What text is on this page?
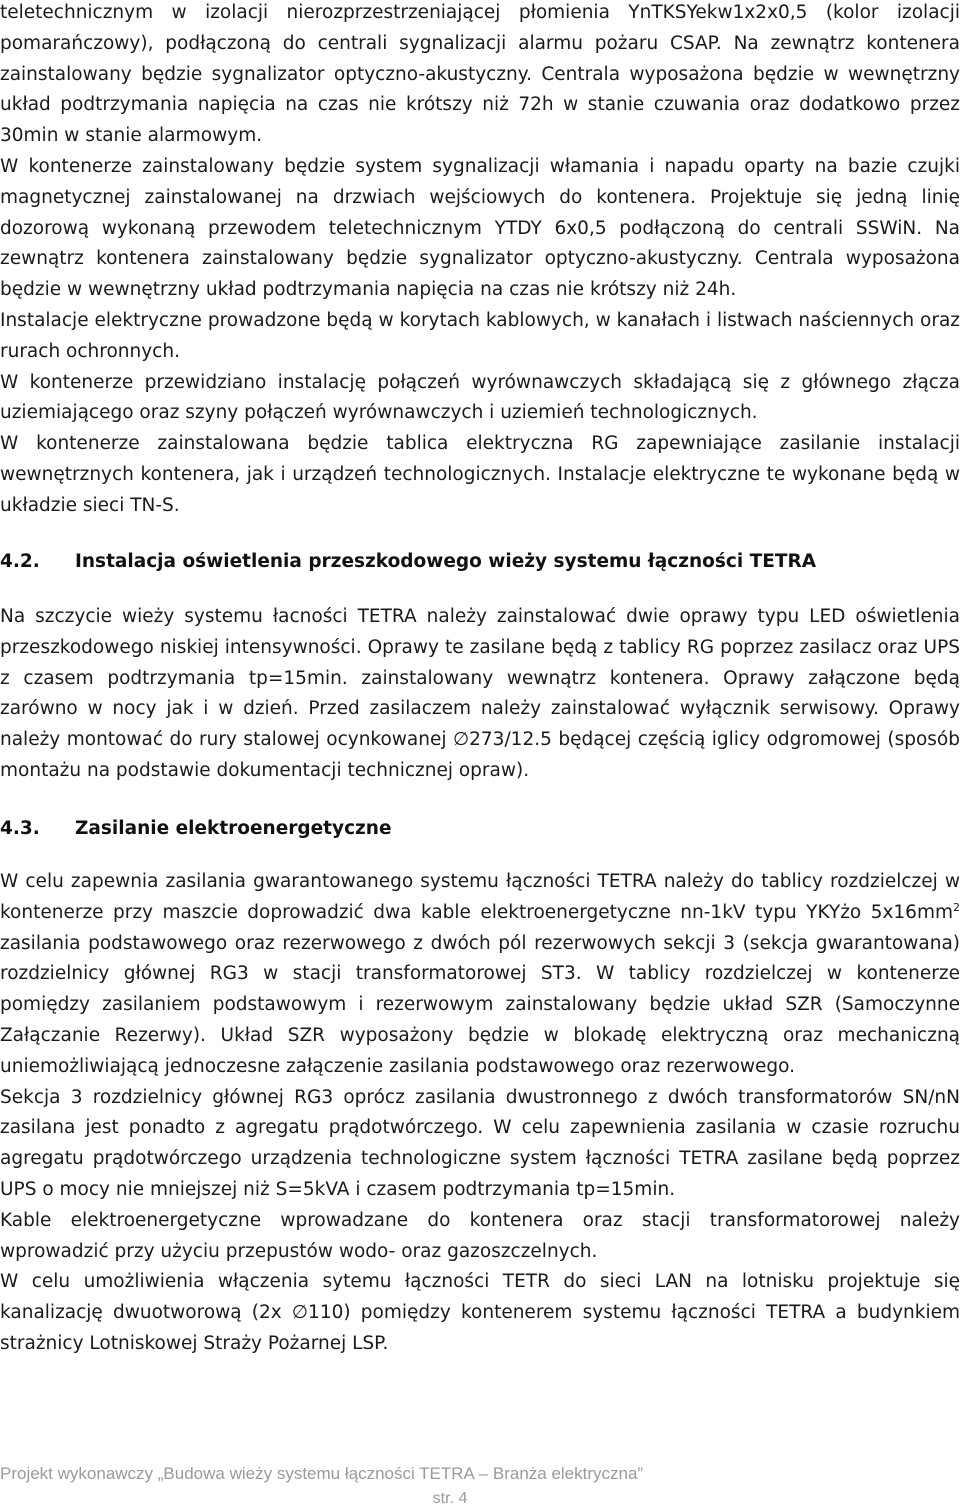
teletechnicznym w izolacji nierozprzestrzeniającej płomienia YnTKSYekw1x2x0,5 (kolor izolacji pomarańczowy), podłączoną do centrali sygnalizacji alarmu pożaru CSAP. Na zewnątrz kontenera zainstalowany będzie sygnalizator optyczno-akustyczny. Centrala wyposażona będzie w wewnętrzny układ podtrzymania napięcia na czas nie krótszy niż 72h w stanie czuwania oraz dodatkowo przez 30min w stanie alarmowym.

W kontenerze zainstalowany będzie system sygnalizacji włamania i napadu oparty na bazie czujki magnetycznej zainstalowanej na drzwiach wejściowych do kontenera. Projektuje się jedną linię dozorową wykonaną przewodem teletechnicznym YTDY 6x0,5 podłączoną do centrali SSWiN. Na zewnątrz kontenera zainstalowany będzie sygnalizator optyczno-akustyczny. Centrala wyposażona będzie w wewnętrzny układ podtrzymania napięcia na czas nie krótszy niż 24h.

Instalacje elektryczne prowadzone będą w korytach kablowych, w kanałach i listwach naściennych oraz rurach ochronnych.

W kontenerze przewidziano instalację połączeń wyrównawczych składającą się z głównego złącza uziemiającego oraz szyny połączeń wyrównawczych i uziemień technologicznych.

W kontenerze zainstalowana będzie tablica elektryczna RG zapewniające zasilanie instalacji wewnętrznych kontenera, jak i urządzeń technologicznych. Instalacje elektryczne te wykonane będą w układzie sieci TN-S.

4.2. Instalacja oświetlenia przeszkodowego wieży systemu łączności TETRA

Na szczycie wieży systemu łacności TETRA należy zainstalować dwie oprawy typu LED oświetlenia przeszkodowego niskiej intensywności. Oprawy te zasilane będą z tablicy RG poprzez zasilacz oraz UPS z czasem podtrzymania tp=15min. zainstalowany wewnątrz kontenera. Oprawy załączone będą zarówno w nocy jak i w dzień. Przed zasilaczem należy zainstalować wyłącznik serwisowy. Oprawy należy montować do rury stalowej ocynkowanej ∅273/12.5 będącej częścią iglicy odgromowej (sposób montażu na podstawie dokumentacji technicznej opraw).

4.3. Zasilanie elektroenergetyczne

W celu zapewnia zasilania gwarantowanego systemu łączności TETRA należy do tablicy rozdzielczej w kontenerze przy maszcie doprowadzić dwa kable elektroenergetyczne nn-1kV typu YKYżo $5x16mm^2$ zasilania podstawowego oraz rezerwowego z dwóch pól rezerwowych sekcji 3 (sekcja gwarantowana) rozdzielnicy głównej RG3 w stacji transformatorowej ST3. W tablicy rozdzielczej w kontenerze pomiędzy zasilaniem podstawowym i rezerwowym zainstalowany będzie układ SZR (Samoczynne Załączanie Rezerwy). Układ SZR wyposażony będzie w blokadę elektryczną oraz mechaniczną uniemożliwiającą jednoczesne załączenie zasilania podstawowego oraz rezerwowego.

Sekcja 3 rozdzielnicy głównej RG3 oprócz zasilania dwustronnego z dwóch transformatorów SN/nN zasilana jest ponadto z agregatu prądotwórczego. W celu zapewnienia zasilania w czasie rozruchu agregatu prądotwórczego urządzenia technologiczne system łączności TETRA zasilane będą poprzez UPS o mocy nie mniejszej niż S=5kVA i czasem podtrzymania tp=15min.

Kable elektroenergetyczne wprowadzane do kontenera oraz stacji transformatorowej należy wprowadzić przy użyciu przepustów wodo- oraz gazoszczelnych.

W celu umożliwienia włączenia sytemu łączności TETR do sieci LAN na lotnisku projektuje się kanalizację dwuotworową (2x ∅110) pomiędzy kontenerem systemu łączności TETRA a budynkiem strażnicy Lotniskowej Straży Pożarnej LSP.

Projekt wykonawczy „Budowa wieży systemu łączności TETRA – Branża elektryczna”

str. 4
